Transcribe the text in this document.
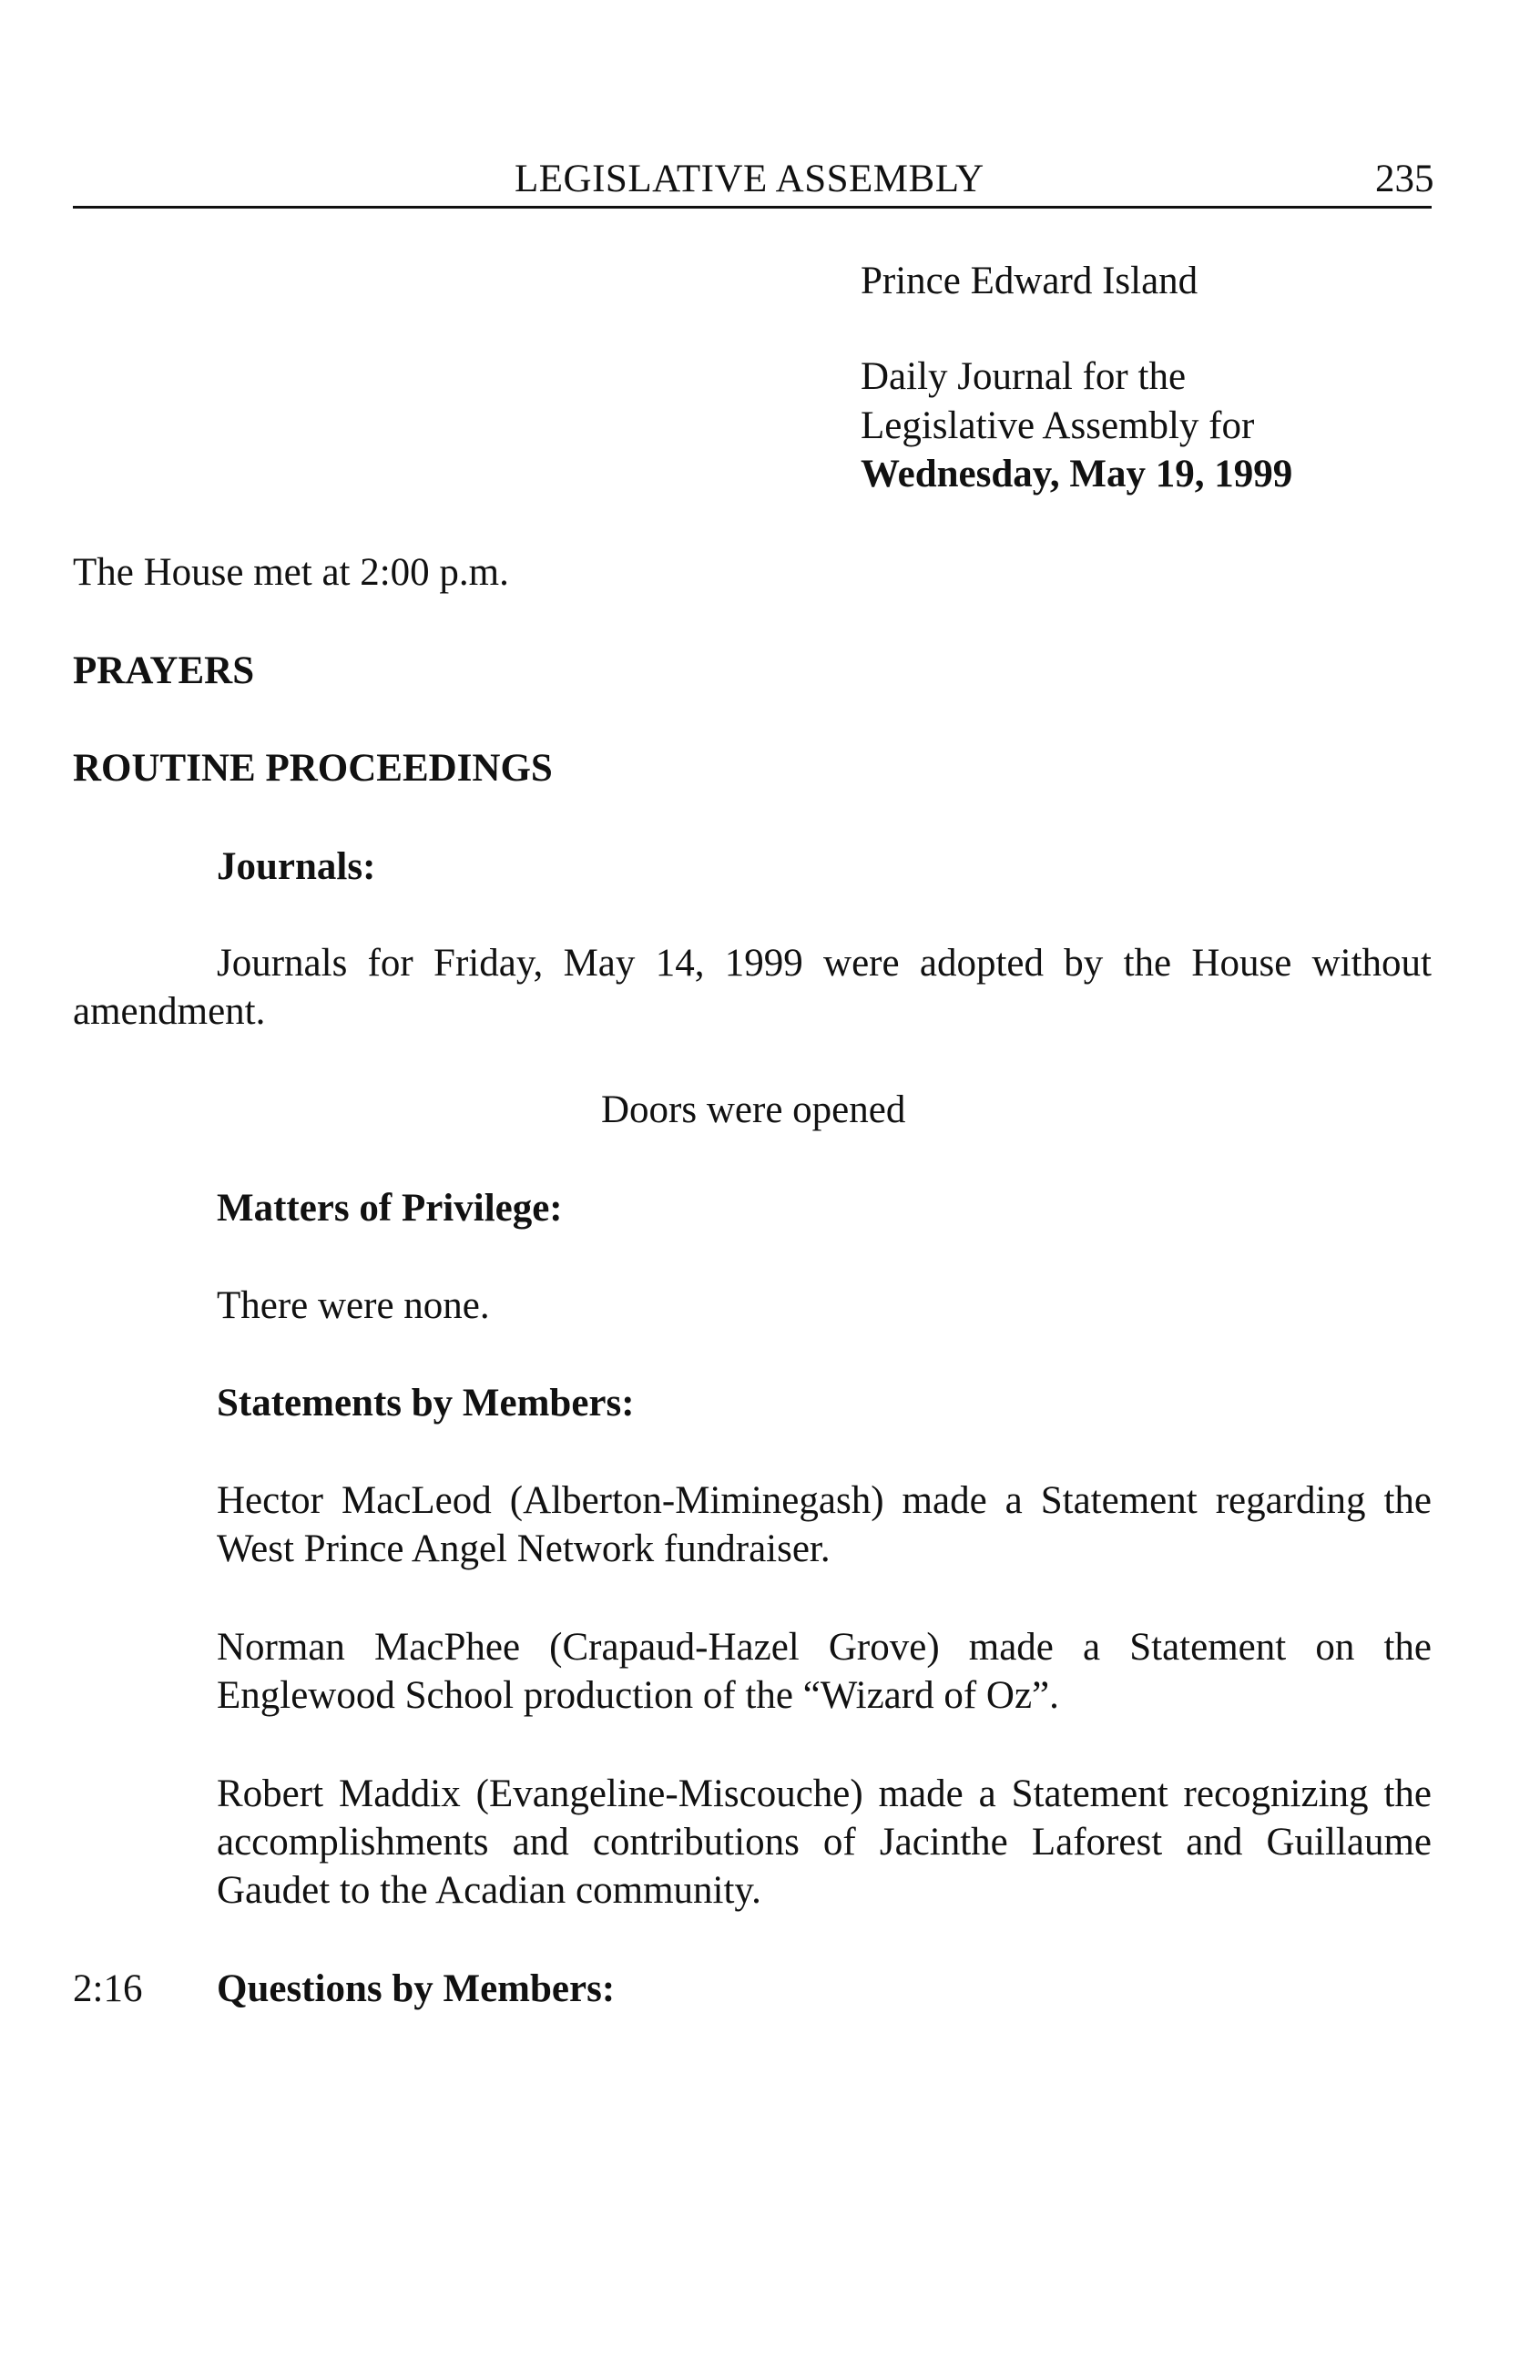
LEGISLATIVE ASSEMBLY	235
Prince Edward Island
Daily Journal for the
Legislative Assembly for
Wednesday, May 19, 1999
The House met at 2:00 p.m.
PRAYERS
ROUTINE PROCEEDINGS
Journals:
Journals for Friday, May 14, 1999 were adopted by the House without
amendment.
Doors were opened
Matters of Privilege:
There were none.
Statements by Members:
Hector MacLeod (Alberton-Miminegash) made a Statement regarding the
West Prince Angel Network fundraiser.
Norman MacPhee (Crapaud-Hazel Grove) made a Statement on the
Englewood School production of the “Wizard of Oz”.
Robert Maddix (Evangeline-Miscouche) made a Statement recognizing the
accomplishments and contributions of Jacinthe Laforest and Guillaume
Gaudet to the Acadian community.
2:16 Questions by Members:
